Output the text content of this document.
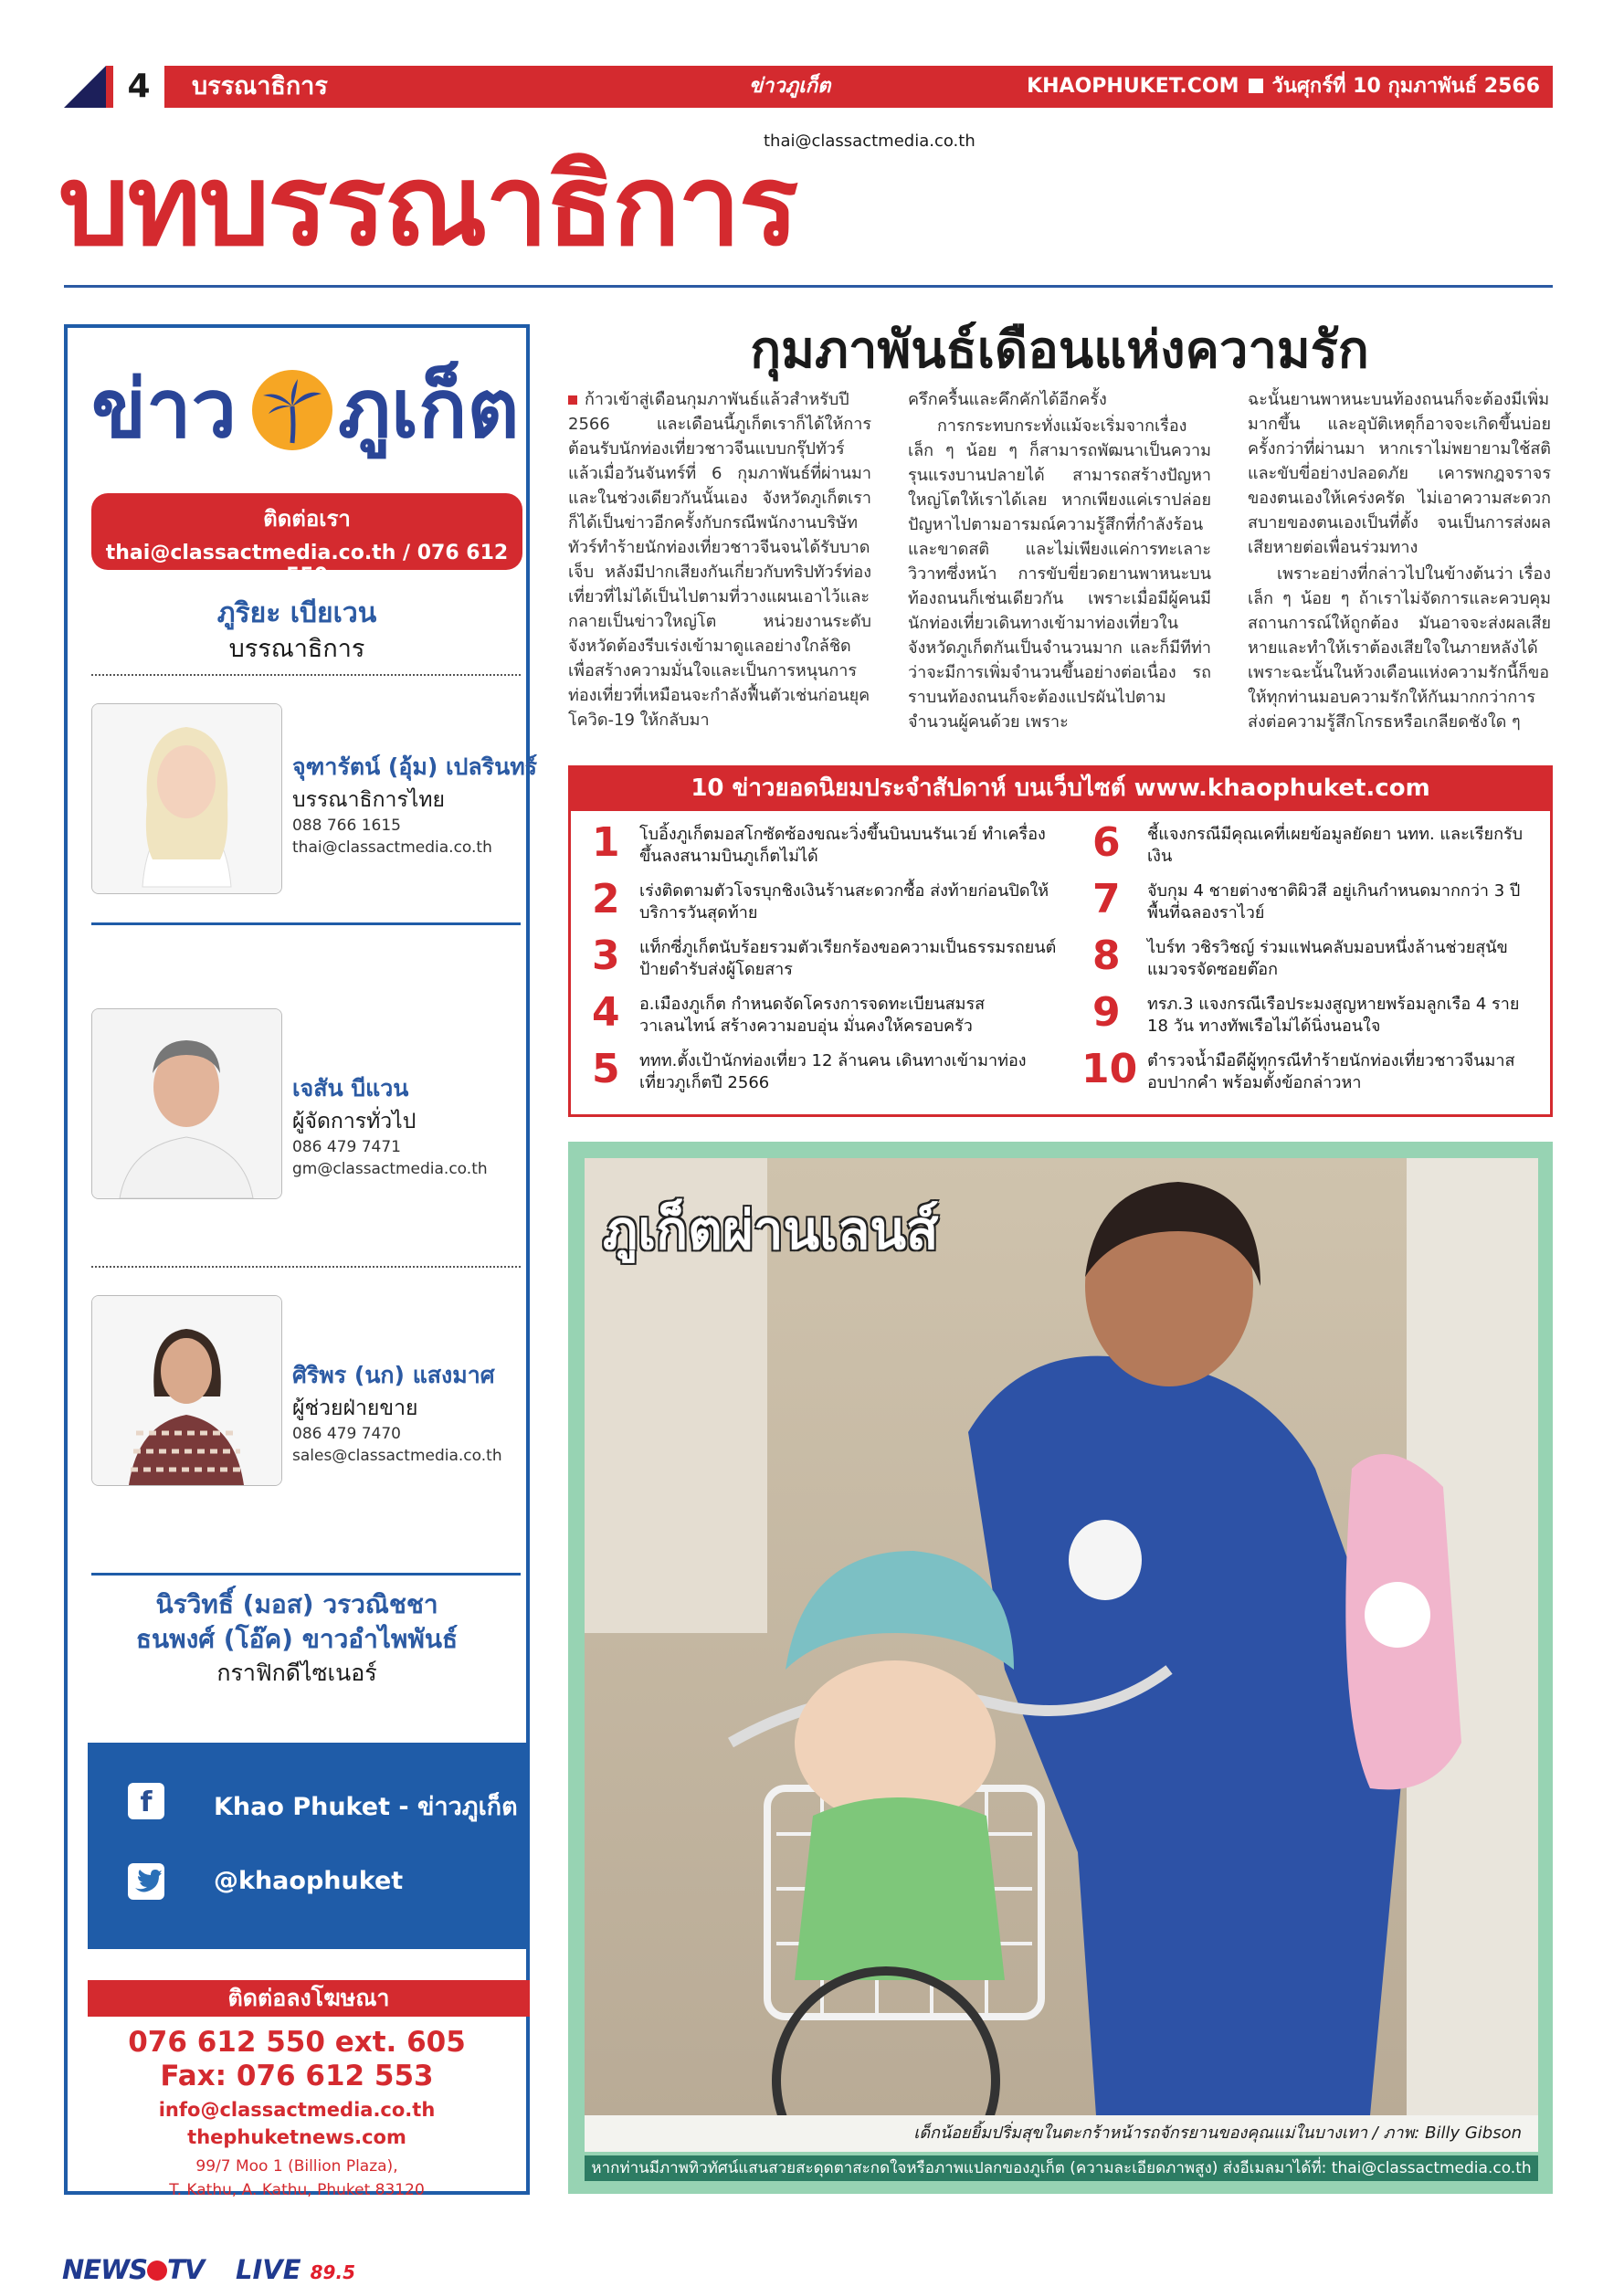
4	บรรณาธิการ	ข่าวภูเก็ต	KHAOPHUKET.COM วันศุกร์ที่ 10 กุมภาพันธ์ 2566
thai@classactmedia.co.th
บทบรรณาธิการ
ข่าว ภูเก็ต
ติดต่อเรา
thai@classactmedia.co.th / 076 612 550
ภูริยะ เบียเวน
บรรณาธิการ
จุฑารัตน์ (อุ้ม) เปลรินทร์
บรรณาธิการไทย
088 766 1615
thai@classactmedia.co.th
เจสัน บีแวน
ผู้จัดการทั่วไป
086 479 7471
gm@classactmedia.co.th
ศิริพร (นก) แสงมาศ
ผู้ช่วยฝ่ายขาย
086 479 7470
sales@classactmedia.co.th
นิรวิทธิ์ (มอส) วรวณิชชา
ธนพงศ์ (โอ๊ค) ขาวอำไพพันธ์
กราฟิกดีไซเนอร์
f	Khao Phuket - ข่าวภูเก็ต
@khaophuket
ติดต่อลงโฆษณา
076 612 550 ext. 605
Fax: 076 612 553
info@classactmedia.co.th
thephuketnews.com
99/7 Moo 1 (Billion Plaza),
T. Kathu, A. Kathu, Phuket 83120
NEWS TV LIVE 89.5
กุมภาพันธ์เดือนแห่งความรัก

ก้าวเข้าสู่เดือนกุมภาพันธ์แล้วสำหรับปี 2566 และเดือนนี้ภูเก็ตเราก็ได้ให้การต้อนรับนักท่องเที่ยวชาวจีนแบบกรุ๊ปทัวร์แล้วเมื่อวันจันทร์ที่ 6 กุมภาพันธ์ที่ผ่านมา และในช่วงเดียวกันนั้นเอง จังหวัดภูเก็ตเราก็ได้เป็นข่าวอีกครั้งกับกรณีพนักงานบริษัททัวร์ทำร้ายนักท่องเที่ยวชาวจีนจนได้รับบาดเจ็บ หลังมีปากเสียงกันเกี่ยวกับทริปทัวร์ท่องเที่ยวที่ไม่ได้เป็นไปตามที่วางแผนเอาไว้และกลายเป็นข่าวใหญ่โต หน่วยงานระดับจังหวัดต้องรีบเร่งเข้ามาดูแลอย่างใกล้ชิด เพื่อสร้างความมั่นใจและเป็นการหนุนการท่องเที่ยวที่เหมือนจะกำลังฟื้นตัวเช่นก่อนยุคโควิด-19 ให้กลับมา

ครึกครื้นและคึกคักได้อีกครั้ง

การกระทบกระทั่งแม้จะเริ่มจากเรื่องเล็ก ๆ น้อย ๆ ก็สามารถพัฒนาเป็นความรุนแรงบานปลายได้ สามารถสร้างปัญหาใหญ่โตให้เราได้เลย หากเพียงแค่เราปล่อยปัญหาไปตามอารมณ์ความรู้สึกที่กำลังร้อนและขาดสติ และไม่เพียงแค่การทะเลาะวิวาทซึ่งหน้า การขับขี่ยวดยานพาหนะบนท้องถนนก็เช่นเดียวกัน เพราะเมื่อมีผู้คนมีนักท่องเที่ยวเดินทางเข้ามาท่องเที่ยวในจังหวัดภูเก็ตกันเป็นจำนวนมาก และก็มีทีท่าว่าจะมีการเพิ่มจำนวนขึ้นอย่างต่อเนื่อง รถราบนท้องถนนก็จะต้องแปรผันไปตามจำนวนผู้คนด้วย เพราะ

ฉะนั้นยานพาหนะบนท้องถนนก็จะต้องมีเพิ่มมากขึ้น และอุบัติเหตุก็อาจจะเกิดขึ้นบ่อยครั้งกว่าที่ผ่านมา หากเราไม่พยายามใช้สติและขับขี่อย่างปลอดภัย เคารพกฎจราจรของตนเองให้เคร่งครัด ไม่เอาความสะดวกสบายของตนเองเป็นที่ตั้ง จนเป็นการส่งผลเสียหายต่อเพื่อนร่วมทาง

เพราะอย่างที่กล่าวไปในข้างต้นว่า เรื่องเล็ก ๆ น้อย ๆ ถ้าเราไม่จัดการและควบคุมสถานการณ์ให้ถูกต้อง มันอาจจะส่งผลเสียหายและทำให้เราต้องเสียใจในภายหลังได้ เพราะฉะนั้นในห้วงเดือนแห่งความรักนี้ก็ขอให้ทุกท่านมอบความรักให้กันมากกว่าการส่งต่อความรู้สึกโกรธหรือเกลียดชังใด ๆ

10 ข่าวยอดนิยมประจำสัปดาห์ บนเว็บไซต์ www.khaophuket.com
1 โบอิ้งภูเก็ตมอสโกซัดซ้องขณะวิ่งขึ้นบินบนรันเวย์ ทำเครื่องขึ้นลงสนามบินภูเก็ตไม่ได้
2 เร่งติดตามตัวโจรบุกชิงเงินร้านสะดวกซื้อ ส่งท้ายก่อนปิดให้บริการวันสุดท้าย
3 แท็กซี่ภูเก็ตนับร้อยรวมตัวเรียกร้องขอความเป็นธรรมรถยนต์ป้ายดำรับส่งผู้โดยสาร
4 อ.เมืองภูเก็ต กำหนดจัดโครงการจดทะเบียนสมรสวาเลนไทน์ สร้างความอบอุ่น มั่นคงให้ครอบครัว
5 ททท.ตั้งเป้านักท่องเที่ยว 12 ล้านคน เดินทางเข้ามาท่องเที่ยวภูเก็ตปี 2566
6 ชี้แจงกรณีมีคุณเคที่เผยข้อมูลยัดยา นทท. และเรียกรับเงิน
7 จับกุม 4 ชายต่างชาติผิวสี อยู่เกินกำหนดมากกว่า 3 ปี พื้นที่ฉลองราไวย์
8 ไบร์ท วชิรวิชญ์ ร่วมแฟนคลับมอบหนึ่งล้านช่วยสุนัขแมวจรจัดซอยต๊อก
9 ทรภ.3 แจงกรณีเรือประมงสูญหายพร้อมลูกเรือ 4 ราย 18 วัน ทางทัพเรือไม่ได้นิ่งนอนใจ
10 ตำรวจน้ำมือดีผู้ทุกรณีทำร้ายนักท่องเที่ยวชาวจีนมาสอบปากคำ พร้อมตั้งข้อกล่าวหา
ภูเก็ตผ่านเลนส์
เด็กน้อยยิ้มปริ่มสุขในตะกร้าหน้ารถจักรยานของคุณแม่ในบางเทา / ภาพ: Billy Gibson
หากท่านมีภาพทิวทัศน์แสนสวยสะดุดตาสะกดใจหรือภาพแปลกของภูเก็ต (ความละเอียดภาพสูง) ส่งอีเมลมาได้ที่: thai@classactmedia.co.th
